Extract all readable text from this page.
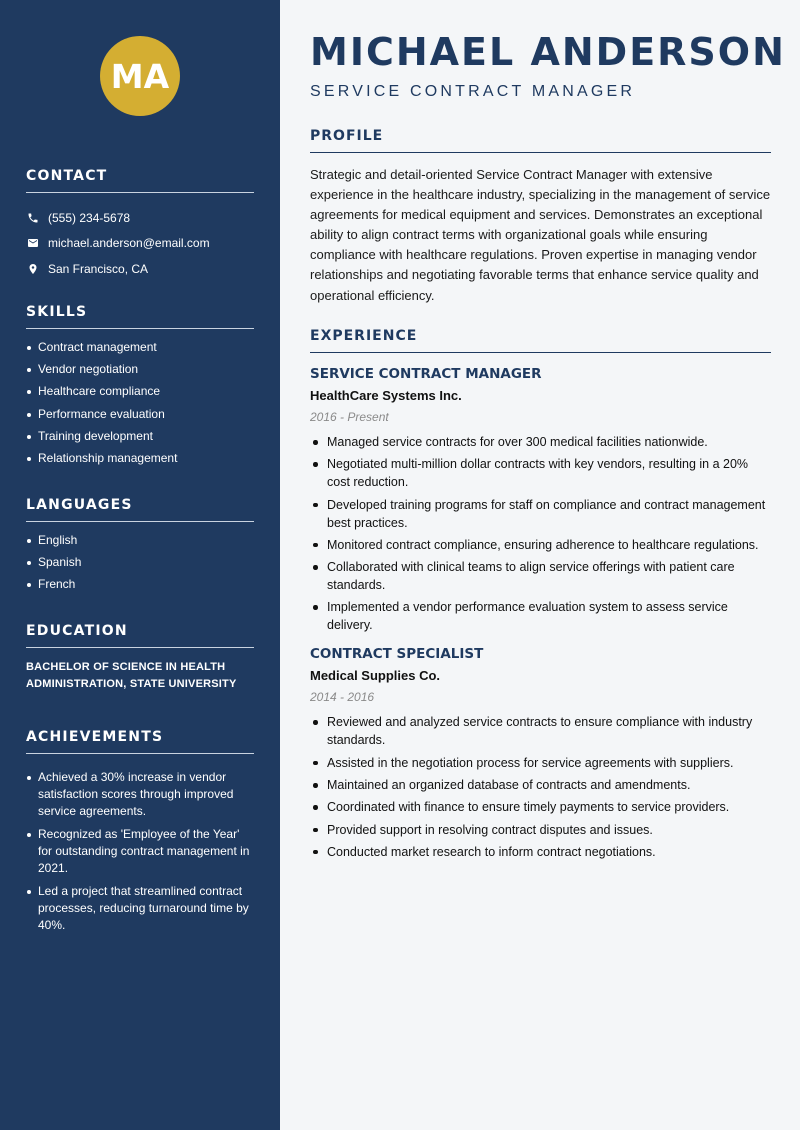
MA
CONTACT
(555) 234-5678
michael.anderson@email.com
San Francisco, CA
SKILLS
Contract management
Vendor negotiation
Healthcare compliance
Performance evaluation
Training development
Relationship management
LANGUAGES
English
Spanish
French
EDUCATION
BACHELOR OF SCIENCE IN HEALTH ADMINISTRATION, STATE UNIVERSITY
ACHIEVEMENTS
Achieved a 30% increase in vendor satisfaction scores through improved service agreements.
Recognized as 'Employee of the Year' for outstanding contract management in 2021.
Led a project that streamlined contract processes, reducing turnaround time by 40%.
MICHAEL ANDERSON
SERVICE CONTRACT MANAGER
PROFILE

Strategic and detail-oriented Service Contract Manager with extensive experience in the healthcare industry, specializing in the management of service agreements for medical equipment and services. Demonstrates an exceptional ability to align contract terms with organizational goals while ensuring compliance with healthcare regulations. Proven expertise in managing vendor relationships and negotiating favorable terms that enhance service quality and operational efficiency.

EXPERIENCE
SERVICE CONTRACT MANAGER
HealthCare Systems Inc.
2016 - Present
Managed service contracts for over 300 medical facilities nationwide.
Negotiated multi-million dollar contracts with key vendors, resulting in a 20% cost reduction.
Developed training programs for staff on compliance and contract management best practices.
Monitored contract compliance, ensuring adherence to healthcare regulations.
Collaborated with clinical teams to align service offerings with patient care standards.
Implemented a vendor performance evaluation system to assess service delivery.
CONTRACT SPECIALIST
Medical Supplies Co.
2014 - 2016
Reviewed and analyzed service contracts to ensure compliance with industry standards.
Assisted in the negotiation process for service agreements with suppliers.
Maintained an organized database of contracts and amendments.
Coordinated with finance to ensure timely payments to service providers.
Provided support in resolving contract disputes and issues.
Conducted market research to inform contract negotiations.
